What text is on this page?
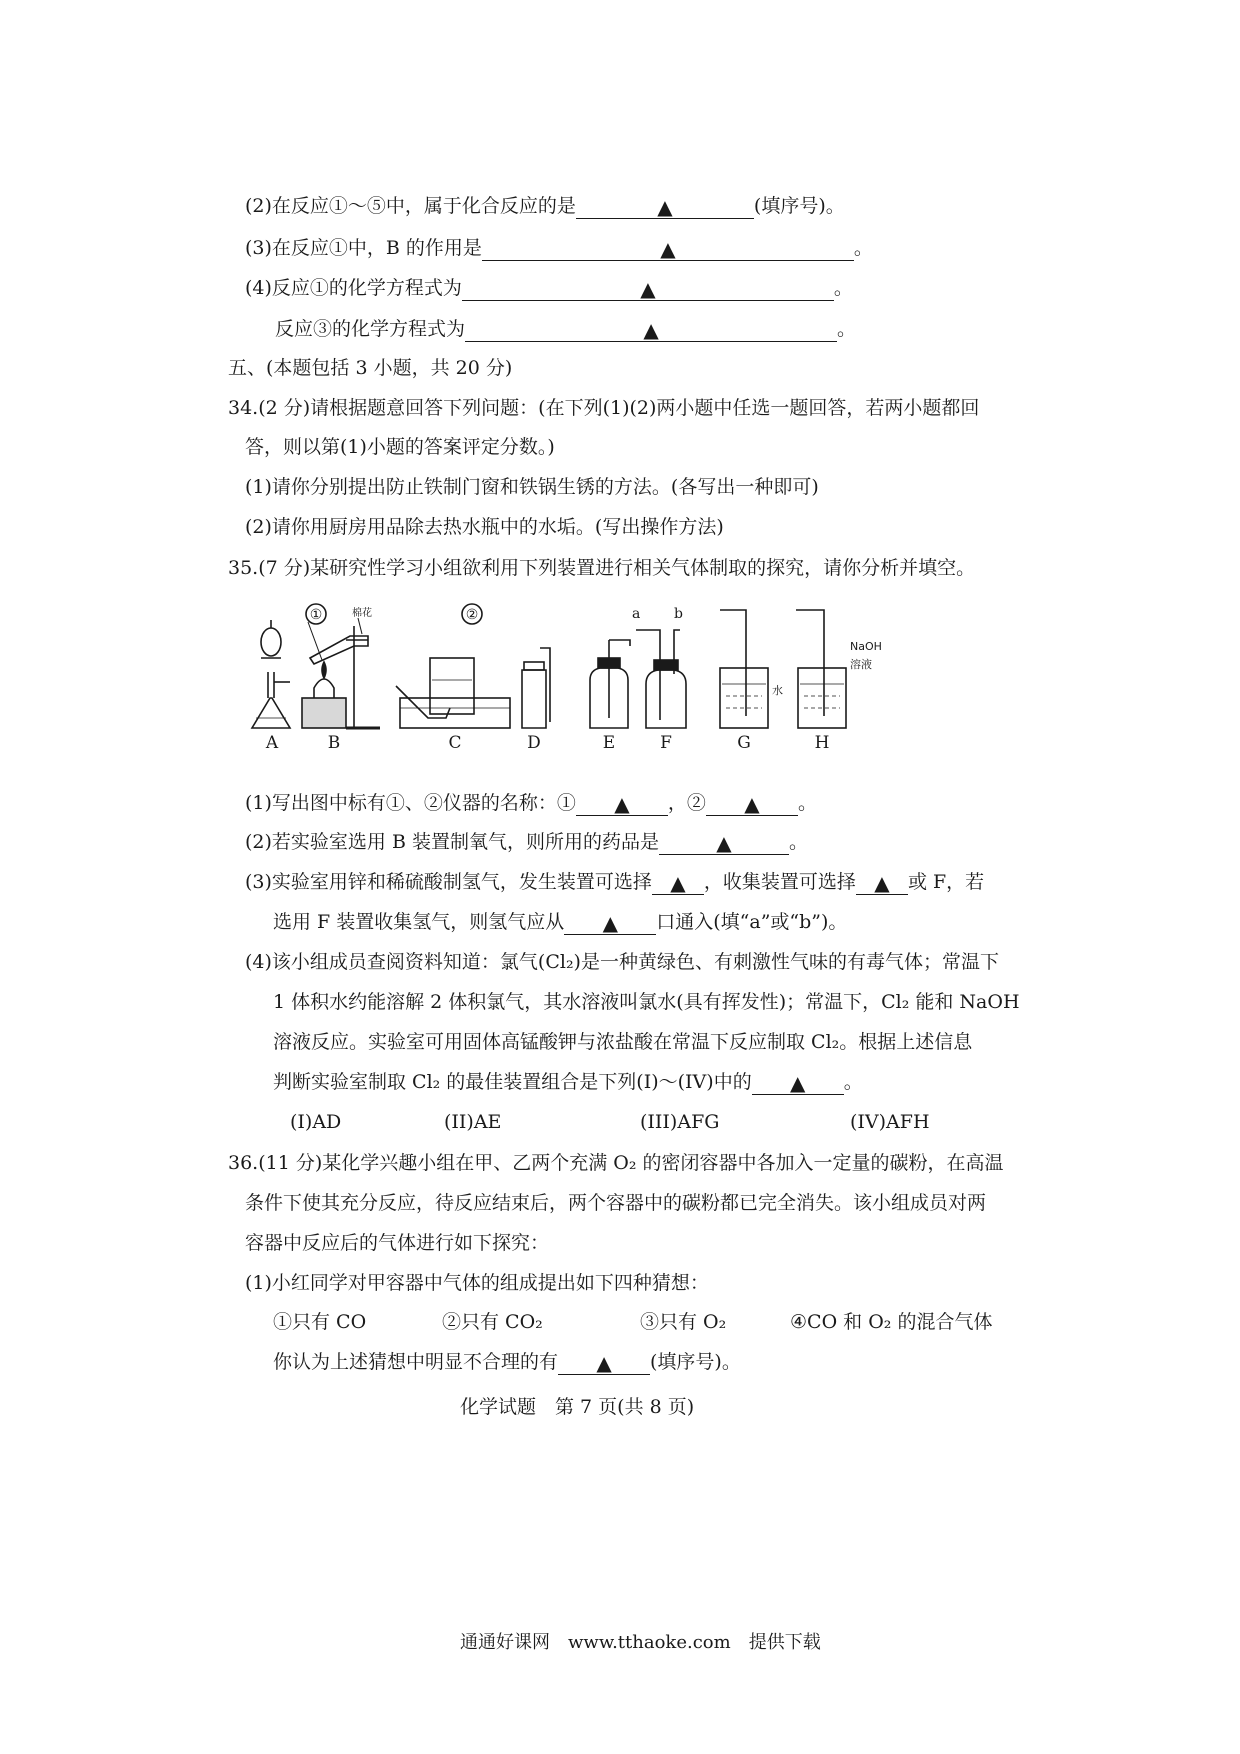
(2)在反应①～⑤中，属于化合反应的是	▲	(填序号)。
(3)在反应①中，B 的作用是	▲	。
(4)反应①的化学方程式为	▲	。
反应③的化学方程式为	▲	。
五、(本题包括 3 小题，共 20 分)
34.(2 分)请根据题意回答下列问题：(在下列(1)(2)两小题中任选一题回答，若两小题都回
答，则以第(1)小题的答案评定分数。)
(1)请你分别提出防止铁制门窗和铁锅生锈的方法。(各写出一种即可)
(2)请你用厨房用品除去热水瓶中的水垢。(写出操作方法)
35.(7 分)某研究性学习小组欲利用下列装置进行相关气体制取的探究，请你分析并填空。
①	棉花	②	a b
水
NaOH
溶液
A	B	C	D	E	F	G	H
(1)写出图中标有①、②仪器的名称：① ▲ ，② ▲ 。
(2)若实验室选用 B 装置制氧气，则所用的药品是	▲	。
(3)实验室用锌和稀硫酸制氢气，发生装置可选择 ▲ ，收集装置可选择 ▲ 或 F，若
选用 F 装置收集氢气，则氢气应从 ▲ 口通入(填“a”或“b”)。
(4)该小组成员查阅资料知道：氯气(Cl₂)是一种黄绿色、有刺激性气味的有毒气体；常温下
1 体积水约能溶解 2 体积氯气，其水溶液叫氯水(具有挥发性)；常温下，Cl₂ 能和 NaOH
溶液反应。实验室可用固体高锰酸钾与浓盐酸在常温下反应制取 Cl₂。根据上述信息
判断实验室制取 Cl₂ 的最佳装置组合是下列(I)～(IV)中的 ▲ 。
(I)AD	(II)AE	(III)AFG	(IV)AFH
36.(11 分)某化学兴趣小组在甲、乙两个充满 O₂ 的密闭容器中各加入一定量的碳粉，在高温
条件下使其充分反应，待反应结束后，两个容器中的碳粉都已完全消失。该小组成员对两
容器中反应后的气体进行如下探究：
(1)小红同学对甲容器中气体的组成提出如下四种猜想：
①只有 CO	②只有 CO₂	③只有 O₂	④CO 和 O₂ 的混合气体
你认为上述猜想中明显不合理的有 ▲ (填序号)。
化学试题　第 7 页(共 8 页)
通通好课网　www.tthaoke.com　提供下载
